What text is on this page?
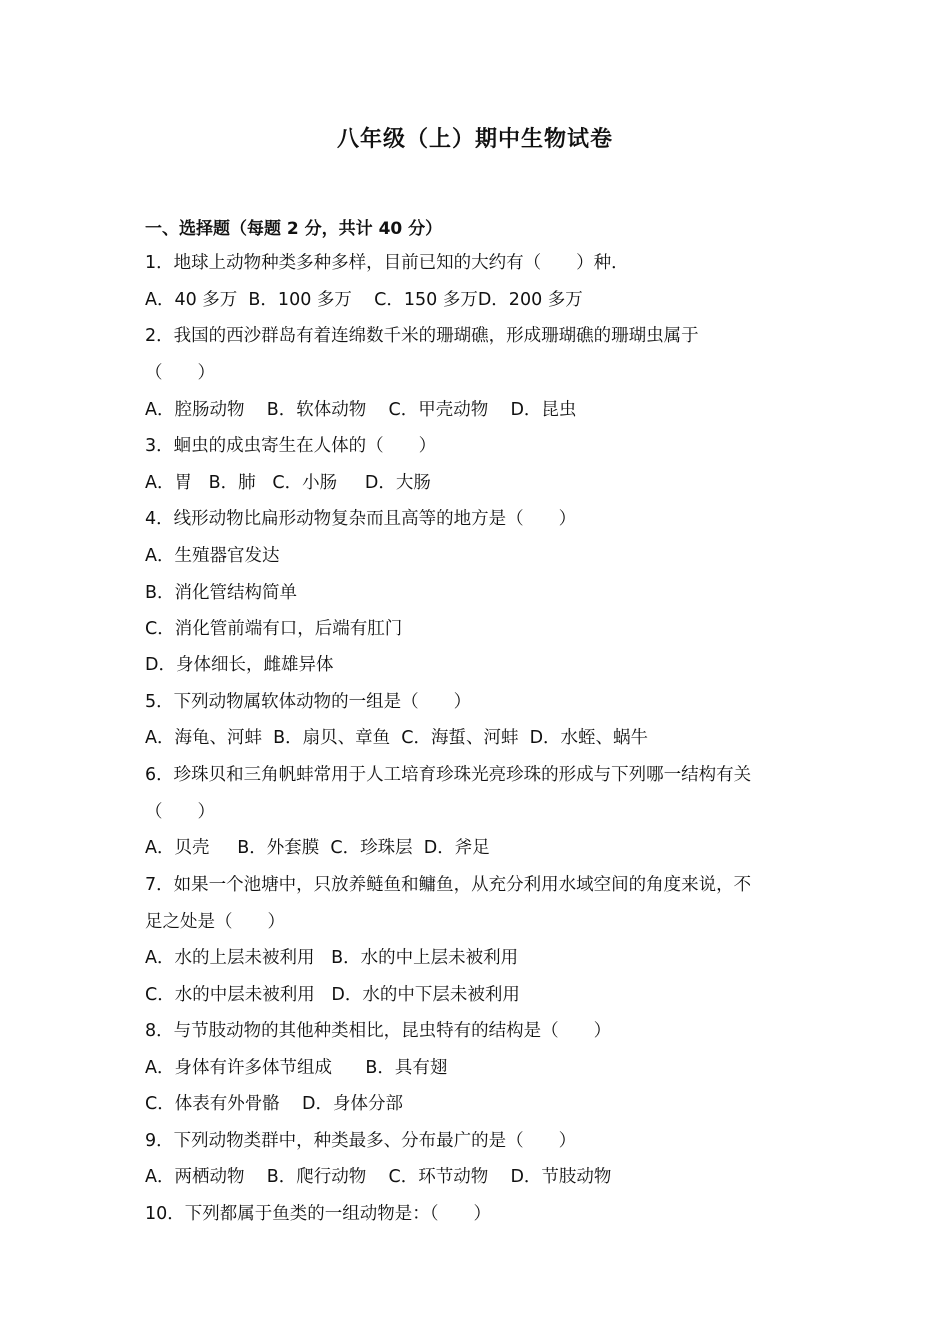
八年级（上）期中生物试卷
一、选择题（每题 2 分，共计 40 分）
1．地球上动物种类多种多样，目前已知的大约有（　　）种．
A．40 多万  B．100 多万    C．150 多万D．200 多万
2．我国的西沙群岛有着连绵数千米的珊瑚礁，形成珊瑚礁的珊瑚虫属于
（　　）
A．腔肠动物    B．软体动物    C．甲壳动物    D．昆虫
3．蛔虫的成虫寄生在人体的（　　）
A．胃   B．肺   C．小肠     D．大肠
4．线形动物比扁形动物复杂而且高等的地方是（　　）
A．生殖器官发达
B．消化管结构简单
C．消化管前端有口，后端有肛门
D．身体细长，雌雄异体
5．下列动物属软体动物的一组是（　　）
A．海龟、河蚌  B．扇贝、章鱼  C．海蜇、河蚌  D．水蛭、蜗牛
6．珍珠贝和三角帆蚌常用于人工培育珍珠光亮珍珠的形成与下列哪一结构有关
（　　）
A．贝壳     B．外套膜  C．珍珠层  D．斧足
7．如果一个池塘中，只放养鲢鱼和鳙鱼，从充分利用水域空间的角度来说，不
足之处是（　　）
A．水的上层未被利用   B．水的中上层未被利用
C．水的中层未被利用   D．水的中下层未被利用
8．与节肢动物的其他种类相比，昆虫特有的结构是（　　）
A．身体有许多体节组成      B．具有翅
C．体表有外骨骼    D．身体分部
9．下列动物类群中，种类最多、分布最广的是（　　）
A．两栖动物    B．爬行动物    C．环节动物    D．节肢动物
10．下列都属于鱼类的一组动物是：（　　）
